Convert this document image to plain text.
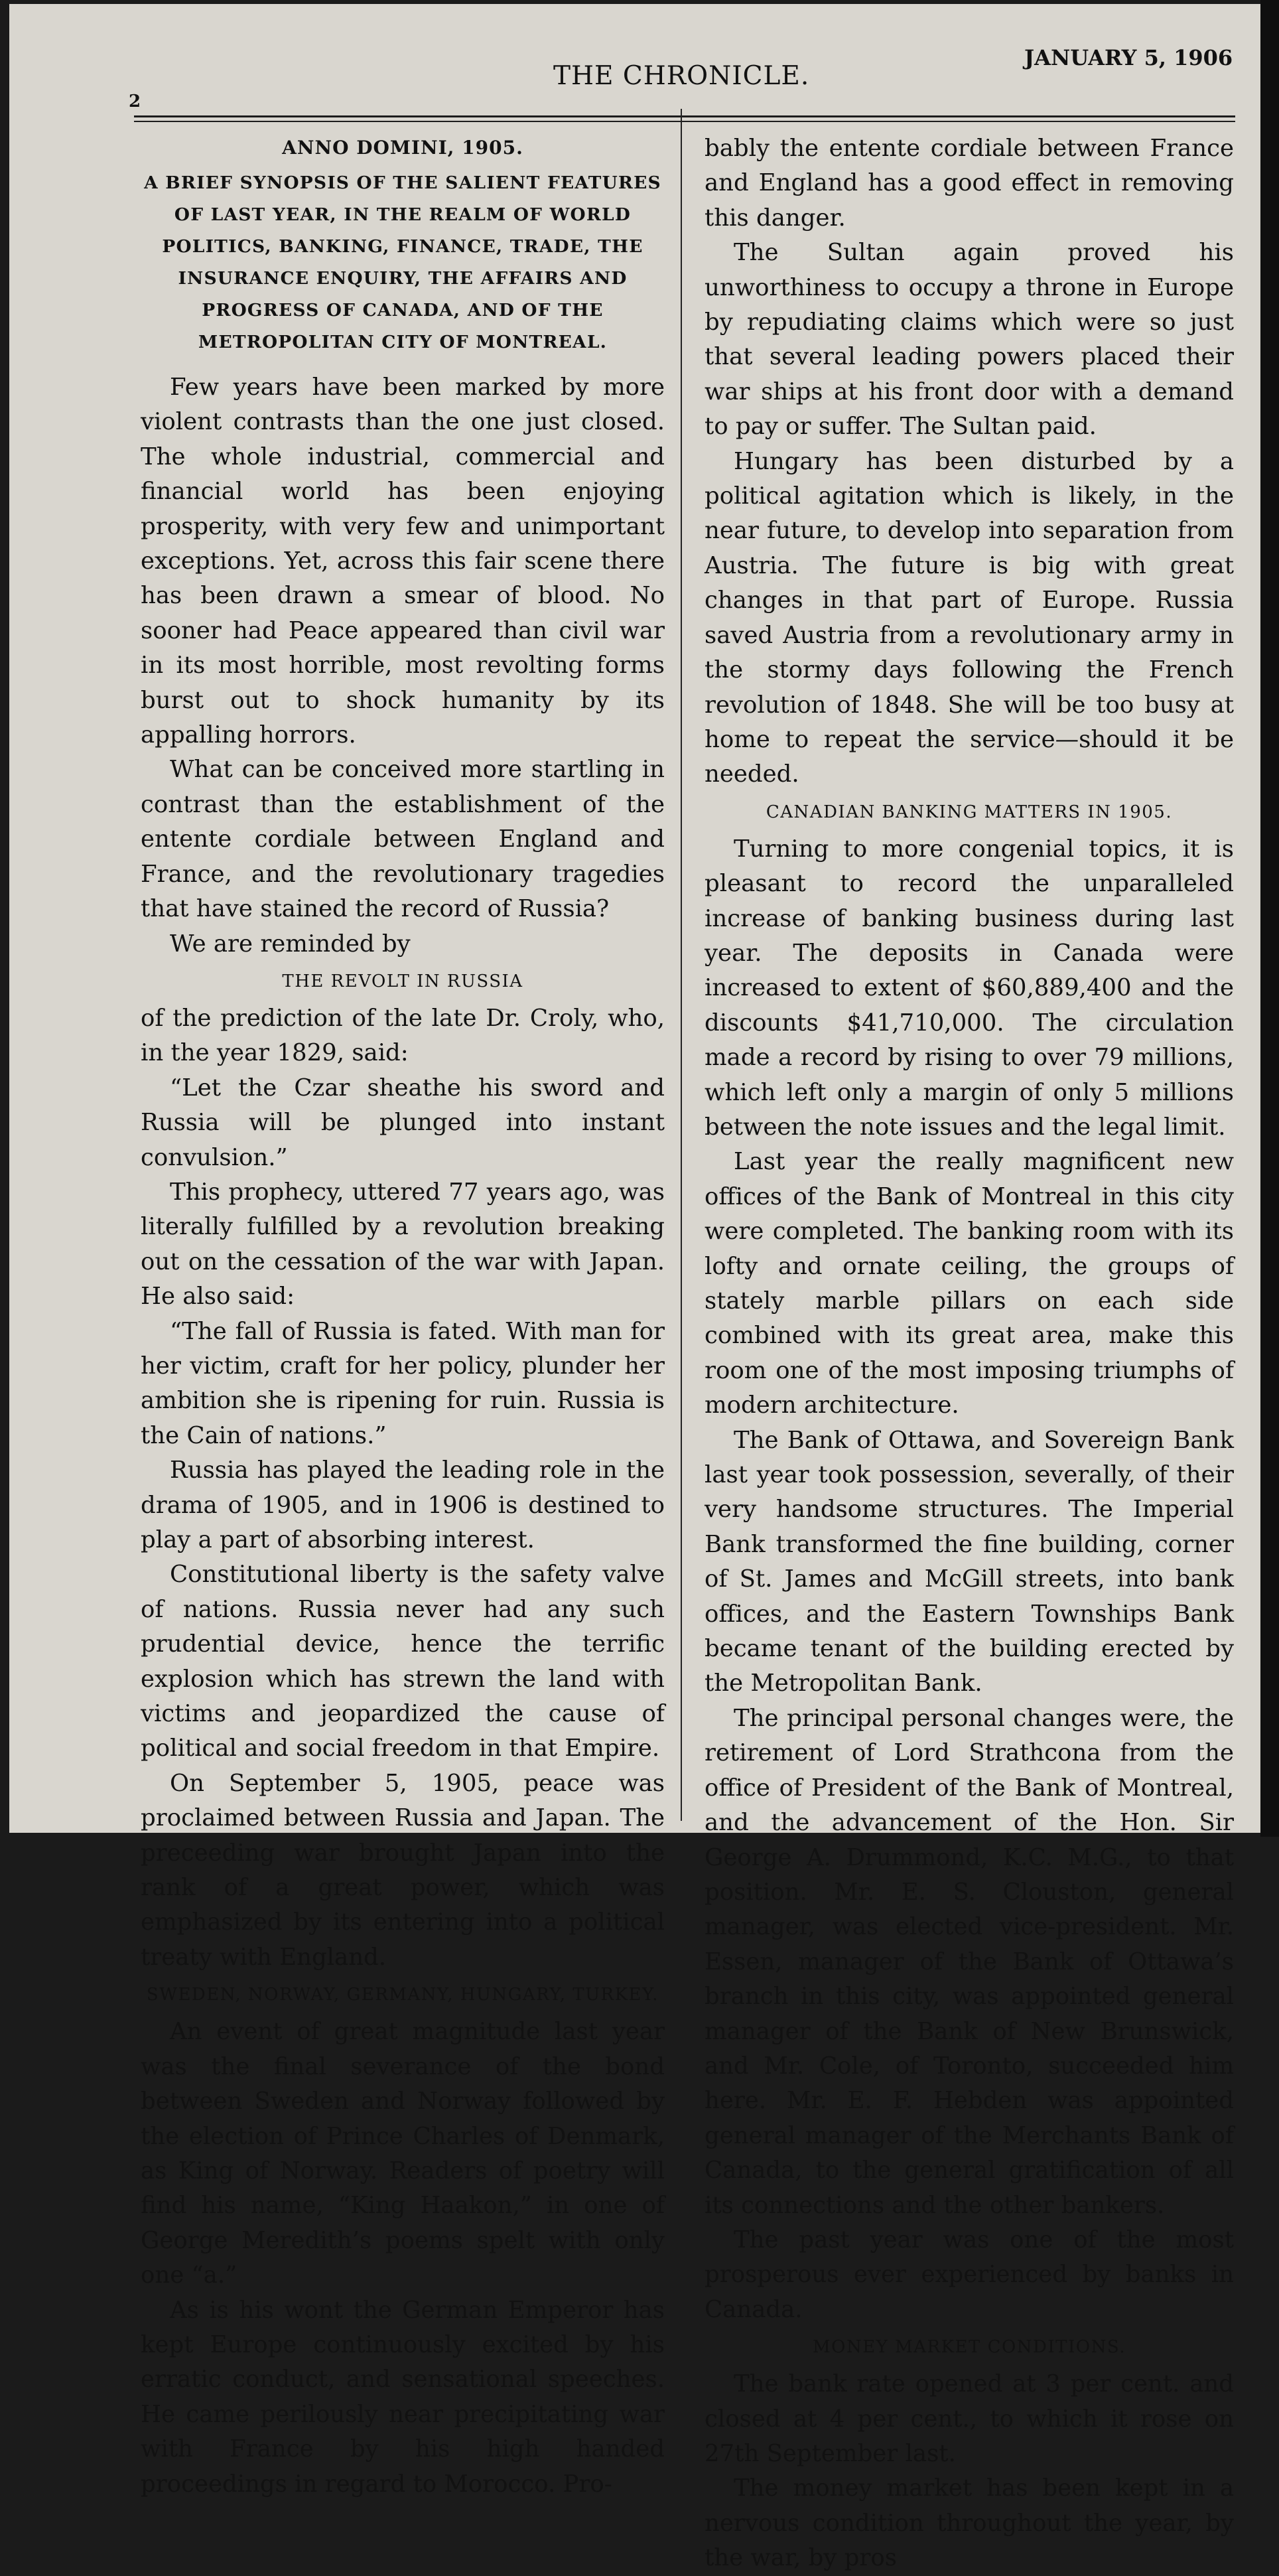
2
THE CHRONICLE.
JANUARY 5, 1906
ANNO DOMINI, 1905.
A BRIEF SYNOPSIS OF THE SALIENT FEATURES OF LAST YEAR, IN THE REALM OF WORLD POLITICS, BANKING, FINANCE, TRADE, THE INSURANCE ENQUIRY, THE AFFAIRS AND PROGRESS OF CANADA, AND OF THE METROPOLITAN CITY OF MONTREAL.

Few years have been marked by more violent contrasts than the one just closed. The whole industrial, commercial and financial world has been enjoying prosperity, with very few and unimportant exceptions. Yet, across this fair scene there has been drawn a smear of blood. No sooner had Peace appeared than civil war in its most horrible, most revolting forms burst out to shock humanity by its appalling horrors.

What can be conceived more startling in contrast than the establishment of the entente cordiale between England and France, and the revolutionary tragedies that have stained the record of Russia?

We are reminded by

THE REVOLT IN RUSSIA

of the prediction of the late Dr. Croly, who, in the year 1829, said:

“Let the Czar sheathe his sword and Russia will be plunged into instant convulsion.”

This prophecy, uttered 77 years ago, was literally fulfilled by a revolution breaking out on the cessation of the war with Japan. He also said:

“The fall of Russia is fated. With man for her victim, craft for her policy, plunder her ambition she is ripening for ruin. Russia is the Cain of nations.”

Russia has played the leading role in the drama of 1905, and in 1906 is destined to play a part of absorbing interest.

Constitutional liberty is the safety valve of nations. Russia never had any such prudential device, hence the terrific explosion which has strewn the land with victims and jeopardized the cause of political and social freedom in that Empire.

On September 5, 1905, peace was proclaimed between Russia and Japan. The preceeding war brought Japan into the rank of a great power, which was emphasized by its entering into a political treaty with England.

SWEDEN, NORWAY, GERMANY, HUNGARY, TURKEY.

An event of great magnitude last year was the final severance of the bond between Sweden and Norway followed by the election of Prince Charles of Denmark, as King of Norway. Readers of poetry will find his name, “King Haakon,” in one of George Meredith’s poems spelt with only one “a.”

As is his wont the German Emperor has kept Europe continuously excited by his erratic conduct, and sensational speeches. He came perilously near precipitating war with France by his high handed proceedings in regard to Morocco. Pro-

bably the entente cordiale between France and England has a good effect in removing this danger.

The Sultan again proved his unworthiness to occupy a throne in Europe by repudiating claims which were so just that several leading powers placed their war ships at his front door with a demand to pay or suffer. The Sultan paid.

Hungary has been disturbed by a political agitation which is likely, in the near future, to develop into separation from Austria. The future is big with great changes in that part of Europe. Russia saved Austria from a revolutionary army in the stormy days following the French revolution of 1848. She will be too busy at home to repeat the service—should it be needed.

CANADIAN BANKING MATTERS IN 1905.

Turning to more congenial topics, it is pleasant to record the unparalleled increase of banking business during last year. The deposits in Canada were increased to extent of $60,889,400 and the discounts $41,710,000. The circulation made a record by rising to over 79 millions, which left only a margin of only 5 millions between the note issues and the legal limit.

Last year the really magnificent new offices of the Bank of Montreal in this city were completed. The banking room with its lofty and ornate ceiling, the groups of stately marble pillars on each side combined with its great area, make this room one of the most imposing triumphs of modern architecture.

The Bank of Ottawa, and Sovereign Bank last year took possession, severally, of their very handsome structures. The Imperial Bank transformed the fine building, corner of St. James and McGill streets, into bank offices, and the Eastern Townships Bank became tenant of the building erected by the Metropolitan Bank.

The principal personal changes were, the retirement of Lord Strathcona from the office of President of the Bank of Montreal, and the advancement of the Hon. Sir George A. Drummond, K.C. M.G., to that position. Mr. E. S. Clouston, general manager, was elected vice-president. Mr. Essen, manager of the Bank of Ottawa’s branch in this city, was appointed general manager of the Bank of New Brunswick, and Mr. Cole, of Toronto, succeeded him here. Mr. E. F. Hebden was appointed general manager of the Merchants Bank of Canada, to the general gratification of all its connections and the other bankers.

The past year was one of the most prosperous ever experienced by banks in Canada.

MONEY MARKET CONDITIONS.

The bank rate opened at 3 per cent. and closed at 4 per cent., to which it rose on 27th September last.

The money market has been kept in a nervous condition throughout the year, by the war, by pros
